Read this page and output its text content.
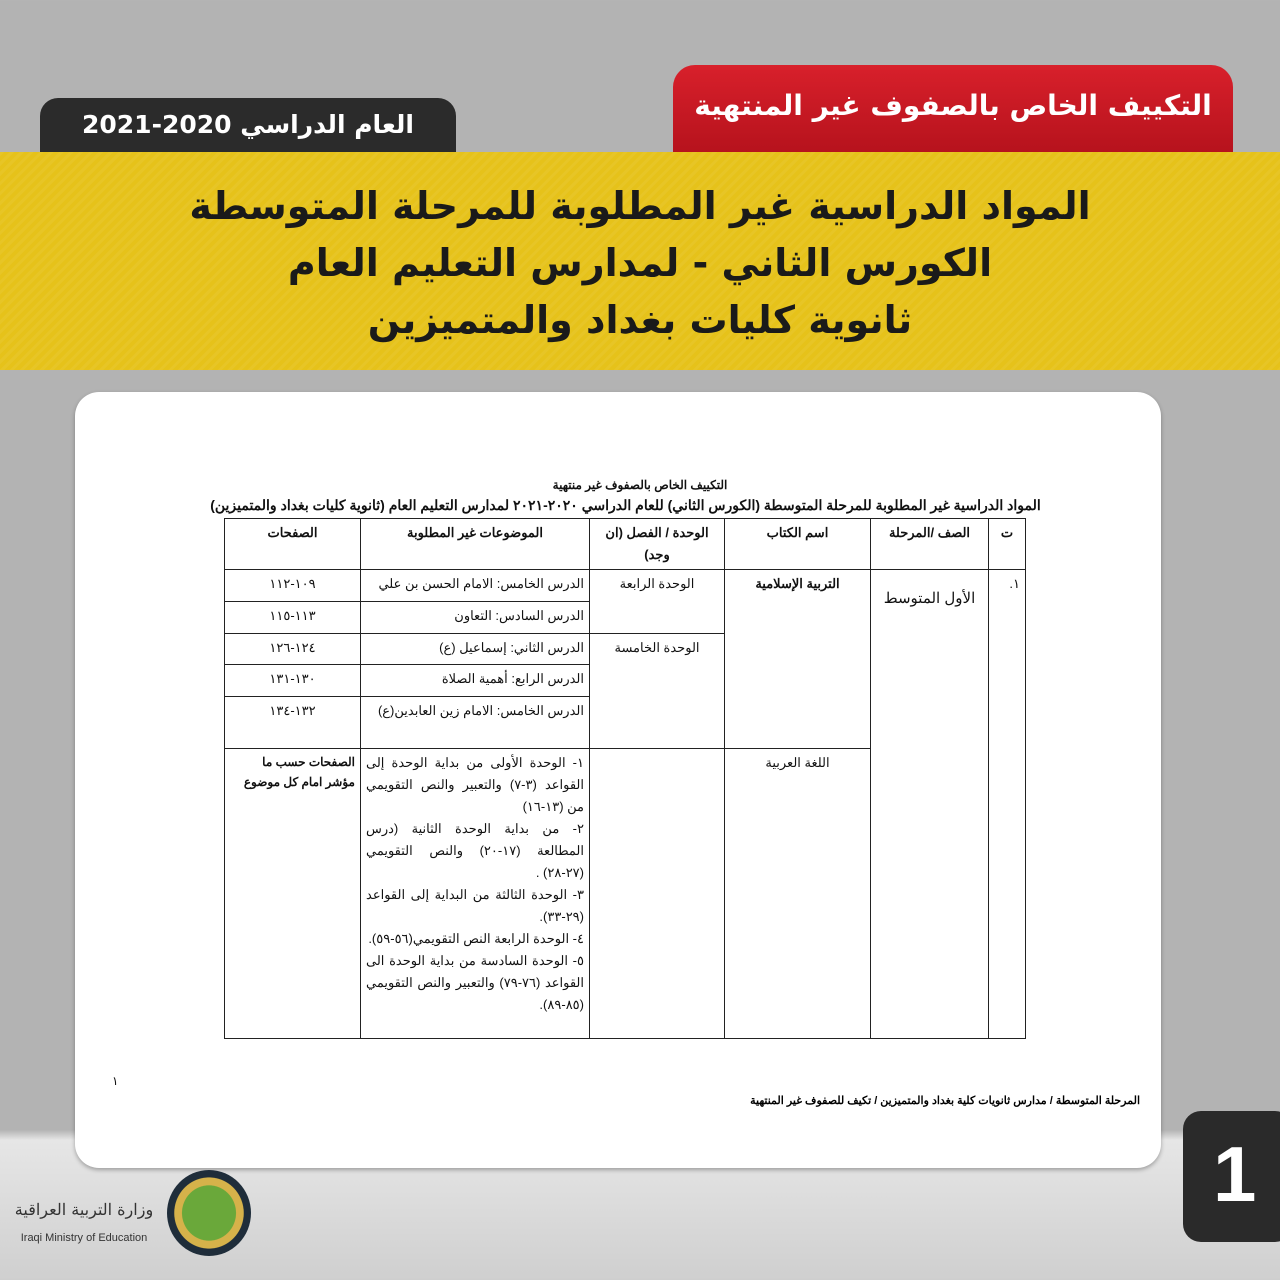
التكييف الخاص بالصفوف غير المنتهية
العام الدراسي 2020-2021
المواد الدراسية غير المطلوبة للمرحلة المتوسطة
الكورس الثاني - لمدارس التعليم العام
ثانوية كليات بغداد والمتميزين
التكييف الخاص بالصفوف غير منتهية
المواد الدراسية غير المطلوبة للمرحلة المتوسطة (الكورس الثاني) للعام الدراسي ٢٠٢٠-٢٠٢١ لمدارس التعليم العام (ثانوية كليات بغداد والمتميزين)
ت	الصف /المرحلة	اسم الكتاب	الوحدة / الفصل (ان وجد)	الموضوعات غير المطلوبة	الصفحات
١.	الأول المتوسط	التربية الإسلامية	الوحدة الرابعة	الدرس الخامس: الامام الحسن بن علي	١٠٩-١١٢
				الدرس السادس: التعاون	١١٣-١١٥
			الوحدة الخامسة	الدرس الثاني: إسماعيل (ع)	١٢٤-١٢٦
				الدرس الرابع: أهمية الصلاة	١٣٠-١٣١
				الدرس الخامس: الامام زين العابدين(ع)	١٣٢-١٣٤
		اللغة العربية		١- الوحدة الأولى من بداية الوحدة إلى القواعد (٣-٧) والتعبير والنص التقويمي من (١٣-١٦)
٢- من بداية الوحدة الثانية (درس المطالعة (١٧-٢٠) والنص التقويمي (٢٧-٢٨) .
٣- الوحدة الثالثة من البداية إلى القواعد (٢٩-٣٣).
٤- الوحدة الرابعة النص التقويمي(٥٦-٥٩).
٥- الوحدة السادسة من بداية الوحدة الى القواعد (٧٦-٧٩) والتعبير والنص التقويمي (٨٥-٨٩).	الصفحات حسب ما مؤشر امام كل موضوع
١
المرحلة المتوسطة / مدارس ثانويات كلية بغداد والمتميزين / تكيف للصفوف غير المنتهية
1
وزارة التربية العراقية
Iraqi Ministry of Education
